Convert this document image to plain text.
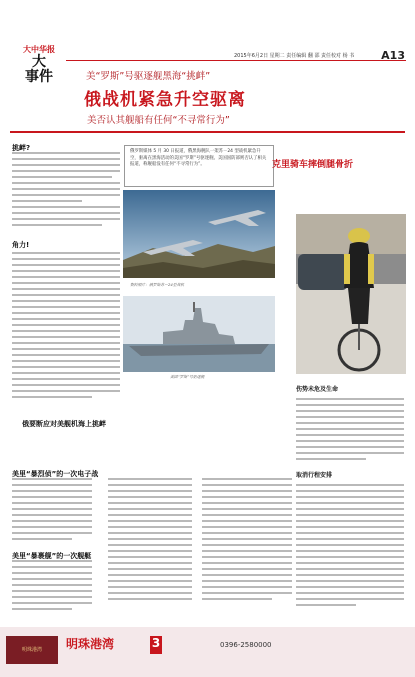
大中华报
大
事件
2015年6月2日 星期二 责任编辑 翻 邵 责任校对 杨 书 A13
美“罗斯”号驱逐舰黑海“挑衅”
俄战机紧急升空驱离
美否认其舰船有任何“不寻常行为”
俄罗斯媒体 5 月 30 日报道，俄黑海舰队一架苏－24 型战机紧急升空，驱离在黑海活动的美国“罗斯”号驱逐舰。美国国防部则否认了相关报道，称舰船没有任何“不寻常行为”。
挑衅?
角力!
俄要断应对美舰机海上挑衅
美里“暴烈侦”的一次电子战
美里“暴裹舰”的一次舰艇
资料照片：俄罗斯苏－24型战机
美国“罗斯”号驱逐舰
克里骑车摔倒腿骨折
伤势未危及生命
取消行程安排
明珠港湾	明珠港湾	3	0396-2580000
